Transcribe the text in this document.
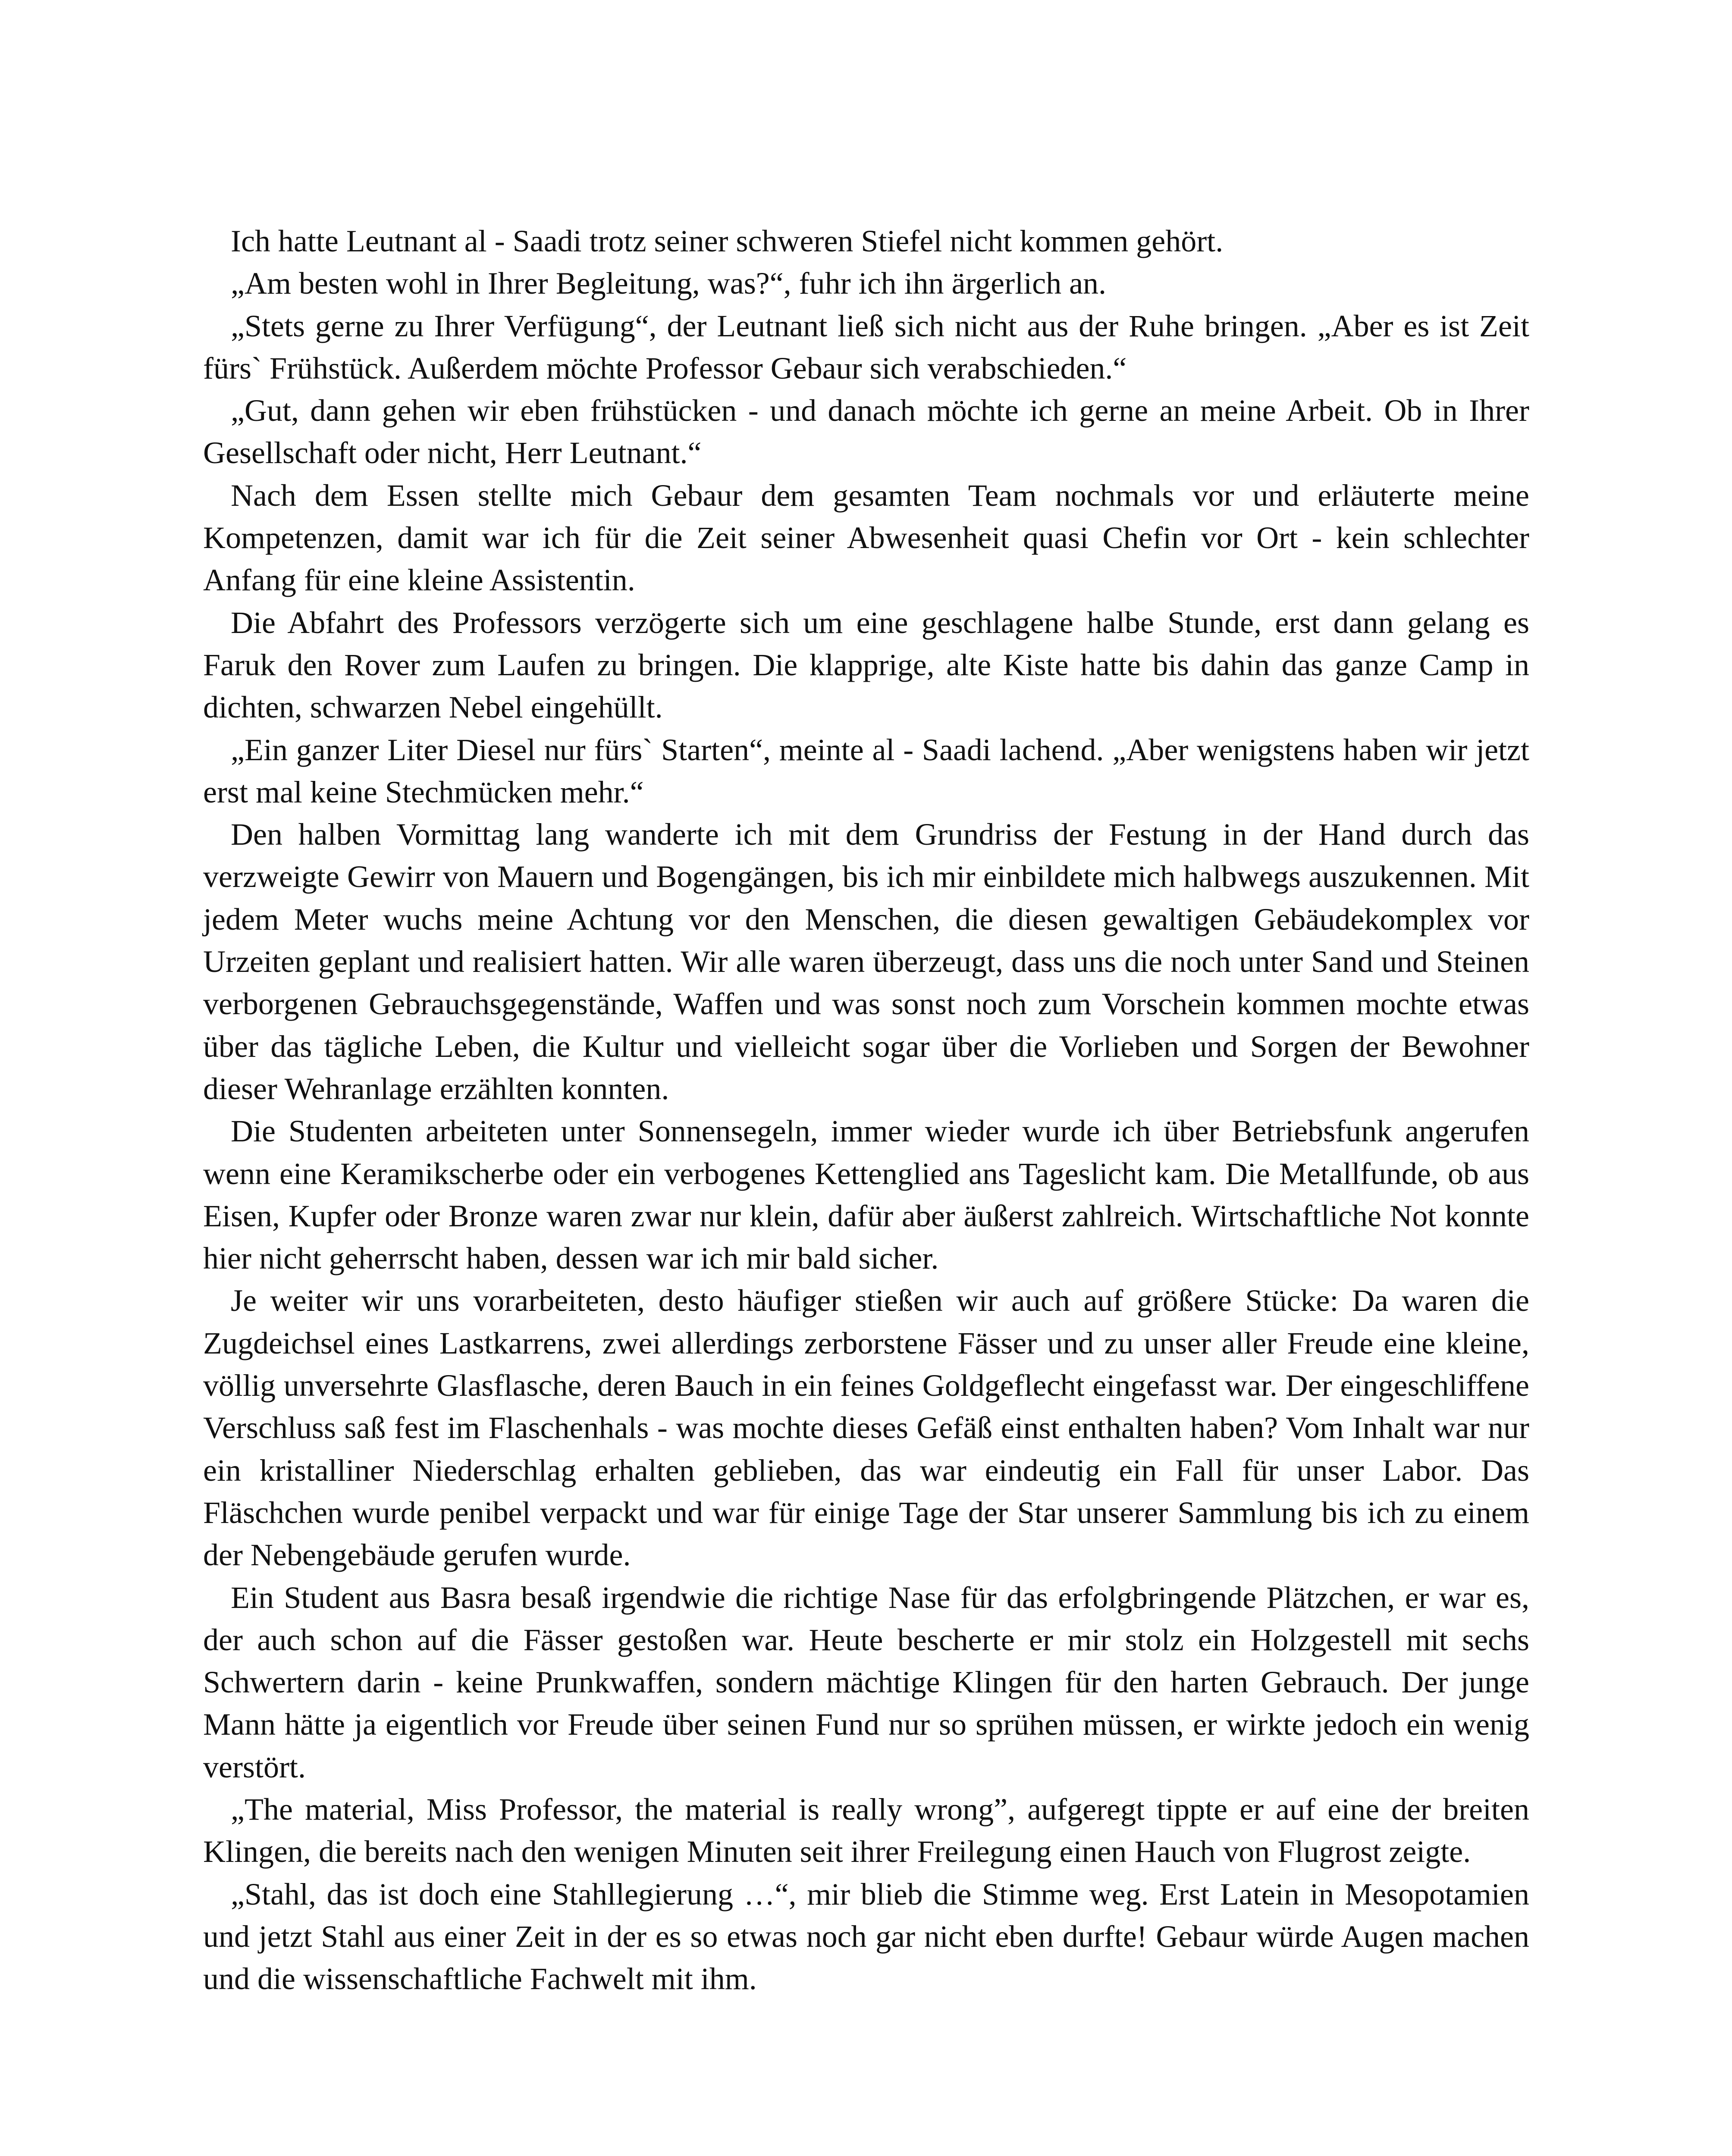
Ich hatte Leutnant al - Saadi trotz seiner schweren Stiefel nicht kommen gehört.

„Am besten wohl in Ihrer Begleitung, was?“, fuhr ich ihn ärgerlich an.

„Stets gerne zu Ihrer Verfügung“, der Leutnant ließ sich nicht aus der Ruhe bringen. „Aber es ist Zeit fürs` Frühstück. Außerdem möchte Professor Gebaur sich verabschieden.“

„Gut, dann gehen wir eben frühstücken - und danach möchte ich gerne an meine Arbeit. Ob in Ihrer Gesellschaft oder nicht, Herr Leutnant.“

Nach dem Essen stellte mich Gebaur dem gesamten Team nochmals vor und erläuterte meine Kompetenzen, damit war ich für die Zeit seiner Abwesenheit quasi Chefin vor Ort - kein schlechter Anfang für eine kleine Assistentin.

Die Abfahrt des Professors verzögerte sich um eine geschlagene halbe Stunde, erst dann gelang es Faruk den Rover zum Laufen zu bringen. Die klapprige, alte Kiste hatte bis dahin das ganze Camp in dichten, schwarzen Nebel eingehüllt.

„Ein ganzer Liter Diesel nur fürs` Starten“, meinte al - Saadi lachend. „Aber wenigstens haben wir jetzt erst mal keine Stechmücken mehr.“

Den halben Vormittag lang wanderte ich mit dem Grundriss der Festung in der Hand durch das verzweigte Gewirr von Mauern und Bogengängen, bis ich mir einbildete mich halbwegs auszukennen. Mit jedem Meter wuchs meine Achtung vor den Menschen, die diesen gewaltigen Gebäudekomplex vor Urzeiten geplant und realisiert hatten. Wir alle waren überzeugt, dass uns die noch unter Sand und Steinen verborgenen Gebrauchsgegenstände, Waffen und was sonst noch zum Vorschein kommen mochte etwas über das tägliche Leben, die Kultur und vielleicht sogar über die Vorlieben und Sorgen der Bewohner dieser Wehranlage erzählten konnten.

Die Studenten arbeiteten unter Sonnensegeln, immer wieder wurde ich über Betriebsfunk angerufen wenn eine Keramikscherbe oder ein verbogenes Kettenglied ans Tageslicht kam. Die Metallfunde, ob aus Eisen, Kupfer oder Bronze waren zwar nur klein, dafür aber äußerst zahlreich. Wirtschaftliche Not konnte hier nicht geherrscht haben, dessen war ich mir bald sicher.

Je weiter wir uns vorarbeiteten, desto häufiger stießen wir auch auf größere Stücke: Da waren die Zugdeichsel eines Lastkarrens, zwei allerdings zerborstene Fässer und zu unser aller Freude eine kleine, völlig unversehrte Glasflasche, deren Bauch in ein feines Goldgeflecht eingefasst war. Der eingeschliffene Verschluss saß fest im Flaschenhals - was mochte dieses Gefäß einst enthalten haben? Vom Inhalt war nur ein kristalliner Niederschlag erhalten geblieben, das war eindeutig ein Fall für unser Labor. Das Fläschchen wurde penibel verpackt und war für einige Tage der Star unserer Sammlung bis ich zu einem der Nebengebäude gerufen wurde.

Ein Student aus Basra besaß irgendwie die richtige Nase für das erfolgbringende Plätzchen, er war es, der auch schon auf die Fässer gestoßen war. Heute bescherte er mir stolz ein Holzgestell mit sechs Schwertern darin - keine Prunkwaffen, sondern mächtige Klingen für den harten Gebrauch. Der junge Mann hätte ja eigentlich vor Freude über seinen Fund nur so sprühen müssen, er wirkte jedoch ein wenig verstört.

„The material, Miss Professor, the material is really wrong”, aufgeregt tippte er auf eine der breiten Klingen, die bereits nach den wenigen Minuten seit ihrer Freilegung einen Hauch von Flugrost zeigte.

„Stahl, das ist doch eine Stahllegierung …“, mir blieb die Stimme weg. Erst Latein in Mesopotamien und jetzt Stahl aus einer Zeit in der es so etwas noch gar nicht eben durfte! Gebaur würde Augen machen und die wissenschaftliche Fachwelt mit ihm.
